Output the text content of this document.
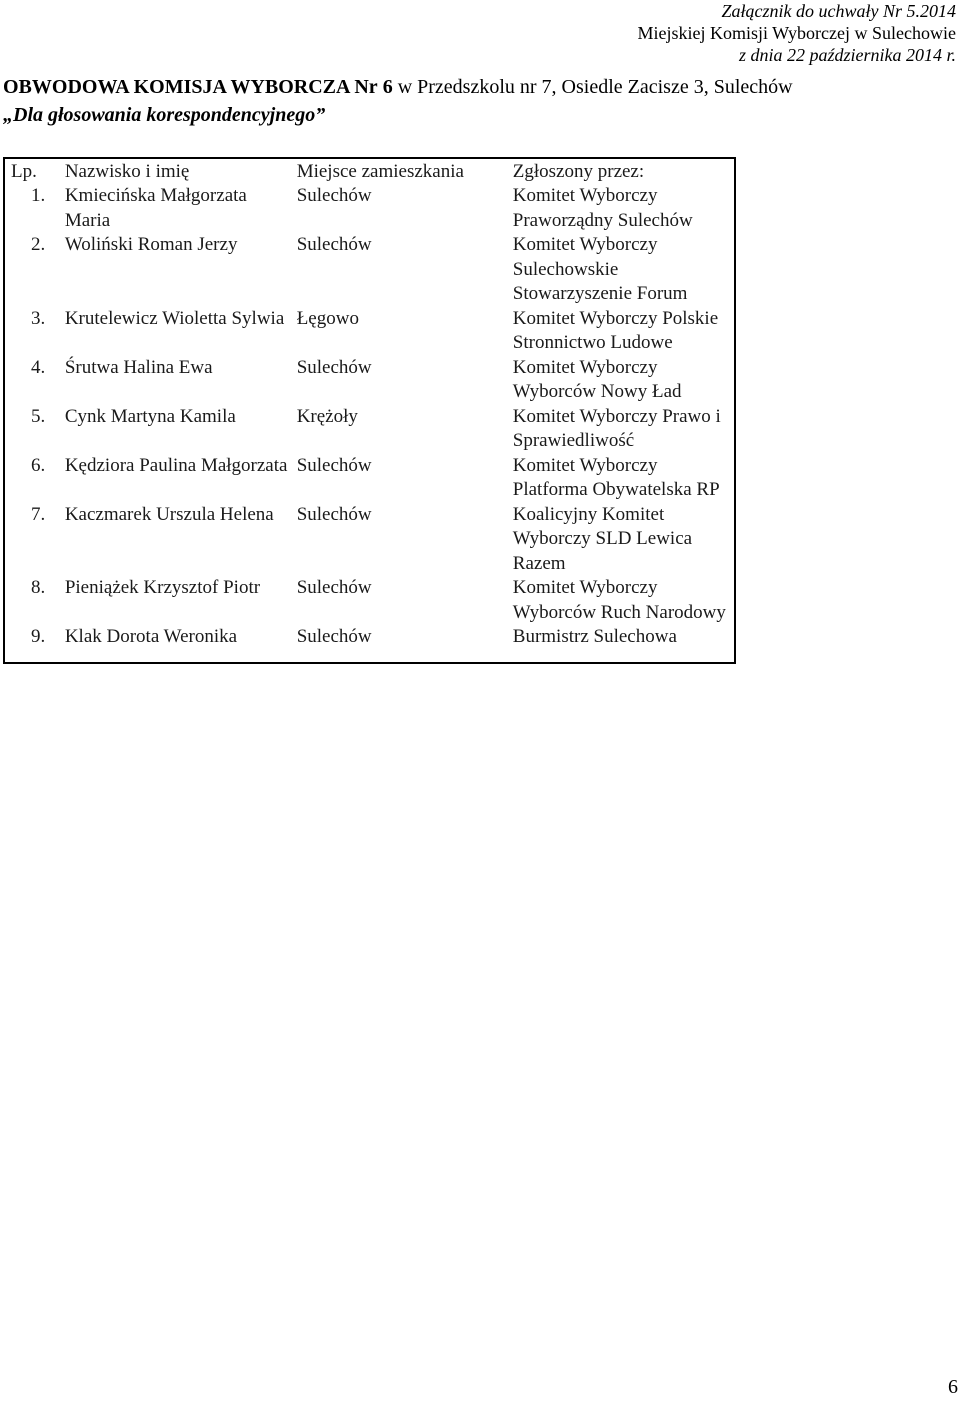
Załącznik do uchwały Nr 5.2014
Miejskiej Komisji Wyborczej w Sulechowie
z dnia 22 października 2014 r.
OBWODOWA KOMISJA WYBORCZA Nr 6 w Przedszkolu nr 7, Osiedle Zacisze 3, Sulechów
„Dla głosowania korespondencyjnego”
Lp.	Nazwisko i imię	Miejsce zamieszkania	Zgłoszony przez:
1.	Kmiecińska Małgorzata Maria	Sulechów	Komitet Wyborczy Praworządny Sulechów
2.	Woliński Roman Jerzy	Sulechów	Komitet Wyborczy Sulechowskie Stowarzyszenie Forum
3.	Krutelewicz Wioletta Sylwia	Łęgowo	Komitet Wyborczy Polskie Stronnictwo Ludowe
4.	Śrutwa Halina Ewa	Sulechów	Komitet Wyborczy Wyborców Nowy Ład
5.	Cynk Martyna Kamila	Krężoły	Komitet Wyborczy Prawo i Sprawiedliwość
6.	Kędziora Paulina Małgorzata	Sulechów	Komitet Wyborczy Platforma Obywatelska RP
7.	Kaczmarek Urszula Helena	Sulechów	Koalicyjny Komitet Wyborczy SLD Lewica Razem
8.	Pieniążek Krzysztof Piotr	Sulechów	Komitet Wyborczy Wyborców Ruch Narodowy
9.	Klak Dorota Weronika	Sulechów	Burmistrz Sulechowa
6
